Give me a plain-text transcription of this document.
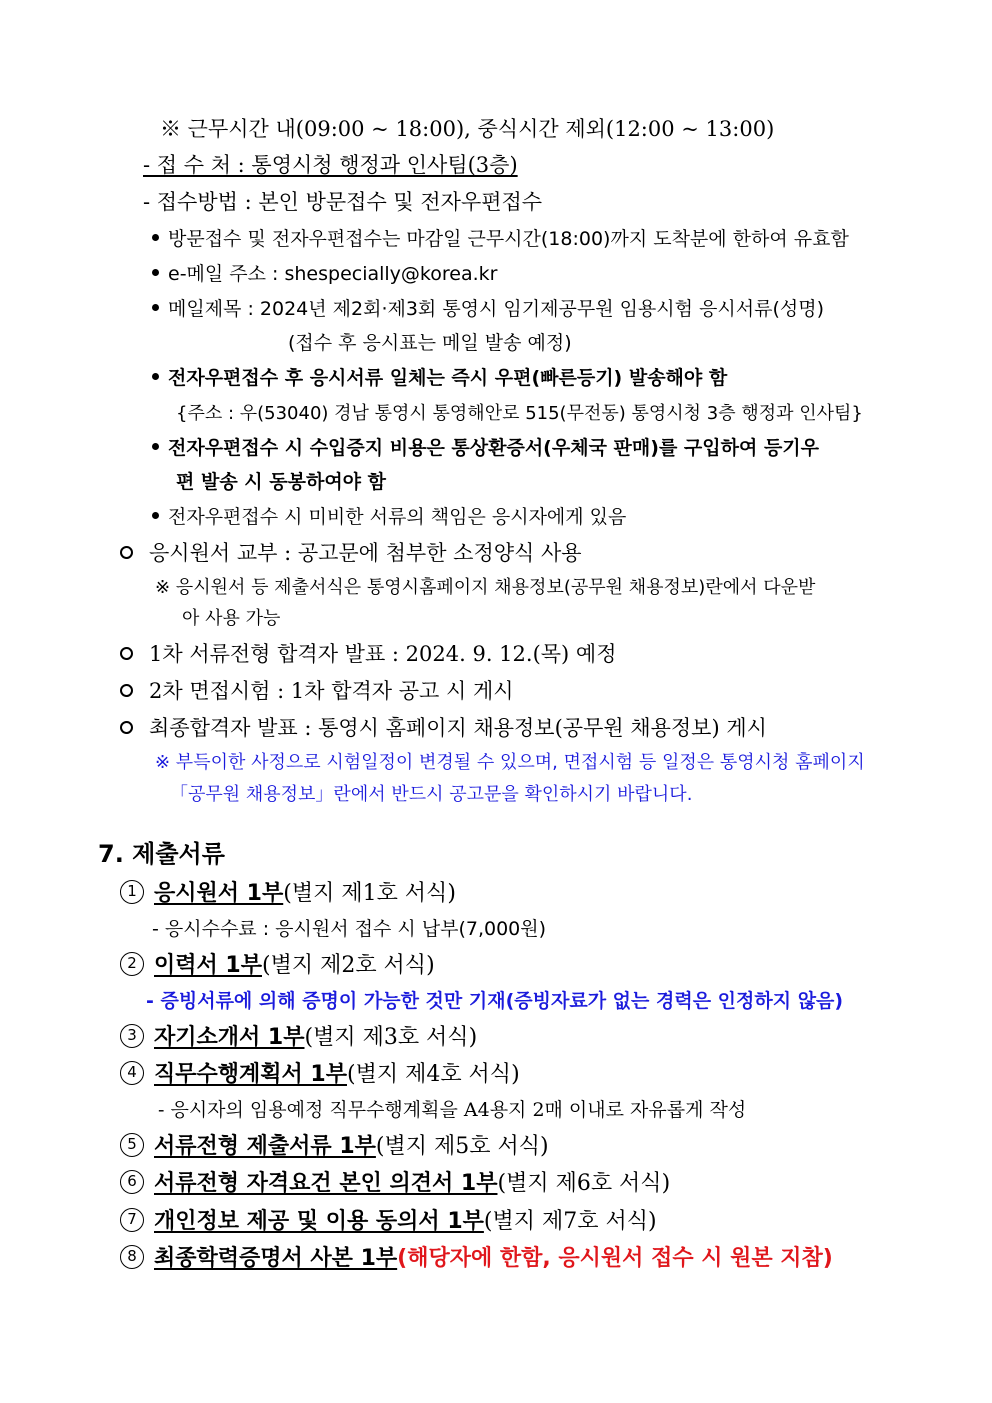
※ 근무시간 내(09:00 ~ 18:00), 중식시간 제외(12:00 ~ 13:00)
- 접 수 처 : 통영시청 행정과 인사팀(3층)
- 접수방법 : 본인 방문접수 및 전자우편접수
방문접수 및 전자우편접수는 마감일 근무시간(18:00)까지 도착분에 한하여 유효함
e-메일 주소 : shespecially@korea.kr
메일제목 : 2024년 제2회·제3회 통영시 임기제공무원 임용시험 응시서류(성명)
(접수 후 응시표는 메일 발송 예정)
전자우편접수 후 응시서류 일체는 즉시 우편(빠른등기) 발송해야 함
{주소 : 우(53040) 경남 통영시 통영해안로 515(무전동) 통영시청 3층 행정과 인사팀}
전자우편접수 시 수입증지 비용은 통상환증서(우체국 판매)를 구입하여 등기우
편 발송 시 동봉하여야 함
전자우편접수 시 미비한 서류의 책임은 응시자에게 있음
응시원서 교부 : 공고문에 첨부한 소정양식 사용
※ 응시원서 등 제출서식은 통영시홈페이지 채용정보(공무원 채용정보)란에서 다운받
아 사용 가능
1차 서류전형 합격자 발표 : 2024. 9. 12.(목) 예정
2차 면접시험 : 1차 합격자 공고 시 게시
최종합격자 발표 : 통영시 홈페이지 채용정보(공무원 채용정보) 게시
※ 부득이한 사정으로 시험일정이 변경될 수 있으며, 면접시험 등 일정은 통영시청 홈페이지
「공무원 채용정보」란에서 반드시 공고문을 확인하시기 바랍니다.
7. 제출서류
1 응시원서 1부(별지 제1호 서식)
- 응시수수료 : 응시원서 접수 시 납부(7,000원)
2 이력서 1부(별지 제2호 서식)
- 증빙서류에 의해 증명이 가능한 것만 기재(증빙자료가 없는 경력은 인정하지 않음)
3 자기소개서 1부(별지 제3호 서식)
4 직무수행계획서 1부(별지 제4호 서식)
- 응시자의 임용예정 직무수행계획을 A4용지 2매 이내로 자유롭게 작성
5 서류전형 제출서류 1부(별지 제5호 서식)
6 서류전형 자격요건 본인 의견서 1부(별지 제6호 서식)
7 개인정보 제공 및 이용 동의서 1부(별지 제7호 서식)
8 최종학력증명서 사본 1부(해당자에 한함, 응시원서 접수 시 원본 지참)
